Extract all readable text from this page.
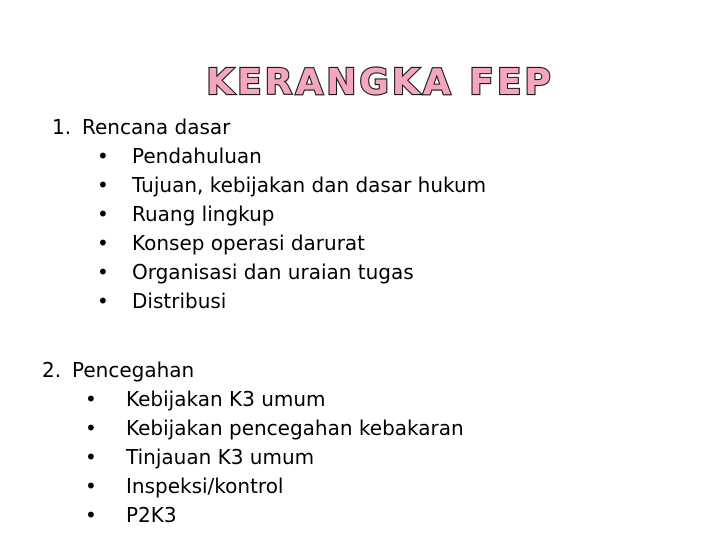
KERANGKA FEP
1. Rencana dasar
• Pendahuluan
• Tujuan, kebijakan dan dasar hukum
• Ruang lingkup
• Konsep operasi darurat
• Organisasi dan uraian tugas
• Distribusi
2. Pencegahan
• Kebijakan K3 umum
• Kebijakan pencegahan kebakaran
• Tinjauan K3 umum
• Inspeksi/kontrol
• P2K3
